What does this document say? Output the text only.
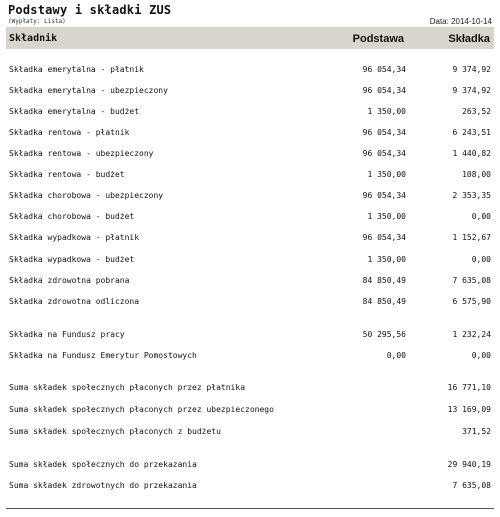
Podstawy i składki ZUS
(Wypłaty: Lista)	Data: 2014-10-14
Składnik	Podstawa	Składka
Składka emerytalna - płatnik	96 054,34	9 374,92
Składka emerytalna - ubezpieczony	96 054,34	9 374,92
Składka emerytalna - budżet	1 350,00	263,52
Składka rentowa - płatnik	96 054,34	6 243,51
Składka rentowa - ubezpieczony	96 054,34	1 440,82
Składka rentowa - budżet	1 350,00	108,00
Składka chorobowa - ubezpieczony	96 054,34	2 353,35
Składka chorobowa - budżet	1 350,00	0,00
Składka wypadkowa - płatnik	96 054,34	1 152,67
Składka wypadkowa - budżet	1 350,00	0,00
Składka zdrowotna pobrana	84 850,49	7 635,08
Składka zdrowotna odliczona	84 850,49	6 575,90
Składka na Fundusz pracy	50 295,56	1 232,24
Składka na Fundusz Emerytur Pomostowych	0,00	0,00
Suma składek społecznych płaconych przez płatnika	16 771,10
Suma składek społecznych płaconych przez ubezpieczonego	13 169,09
Suma składek społecznych płaconych z budżetu	371,52
Suma składek społecznych do przekazania	29 940,19
Suma składek zdrowotnych do przekazania	7 635,08
